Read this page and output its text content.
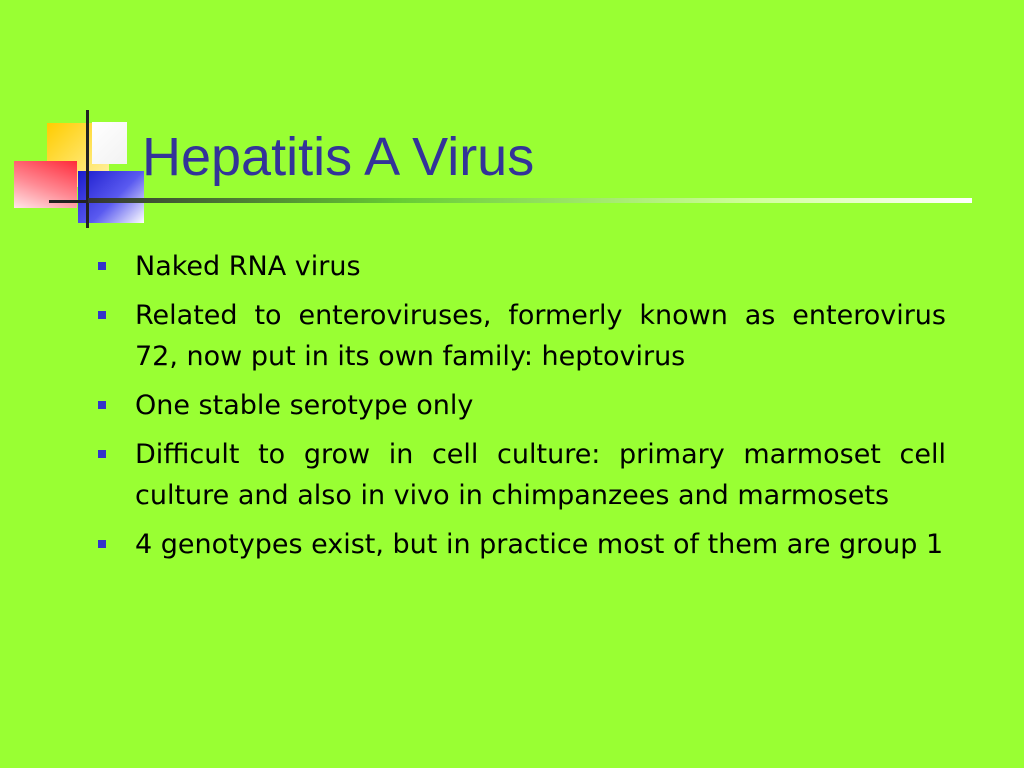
Hepatitis A Virus
Naked RNA virus
Related to enteroviruses, formerly known as enterovirus 72, now put in its own family: heptovirus
One stable serotype only
Difficult to grow in cell culture: primary marmoset cell culture and also in vivo in chimpanzees and marmosets
4 genotypes exist, but in practice most of them are group 1
